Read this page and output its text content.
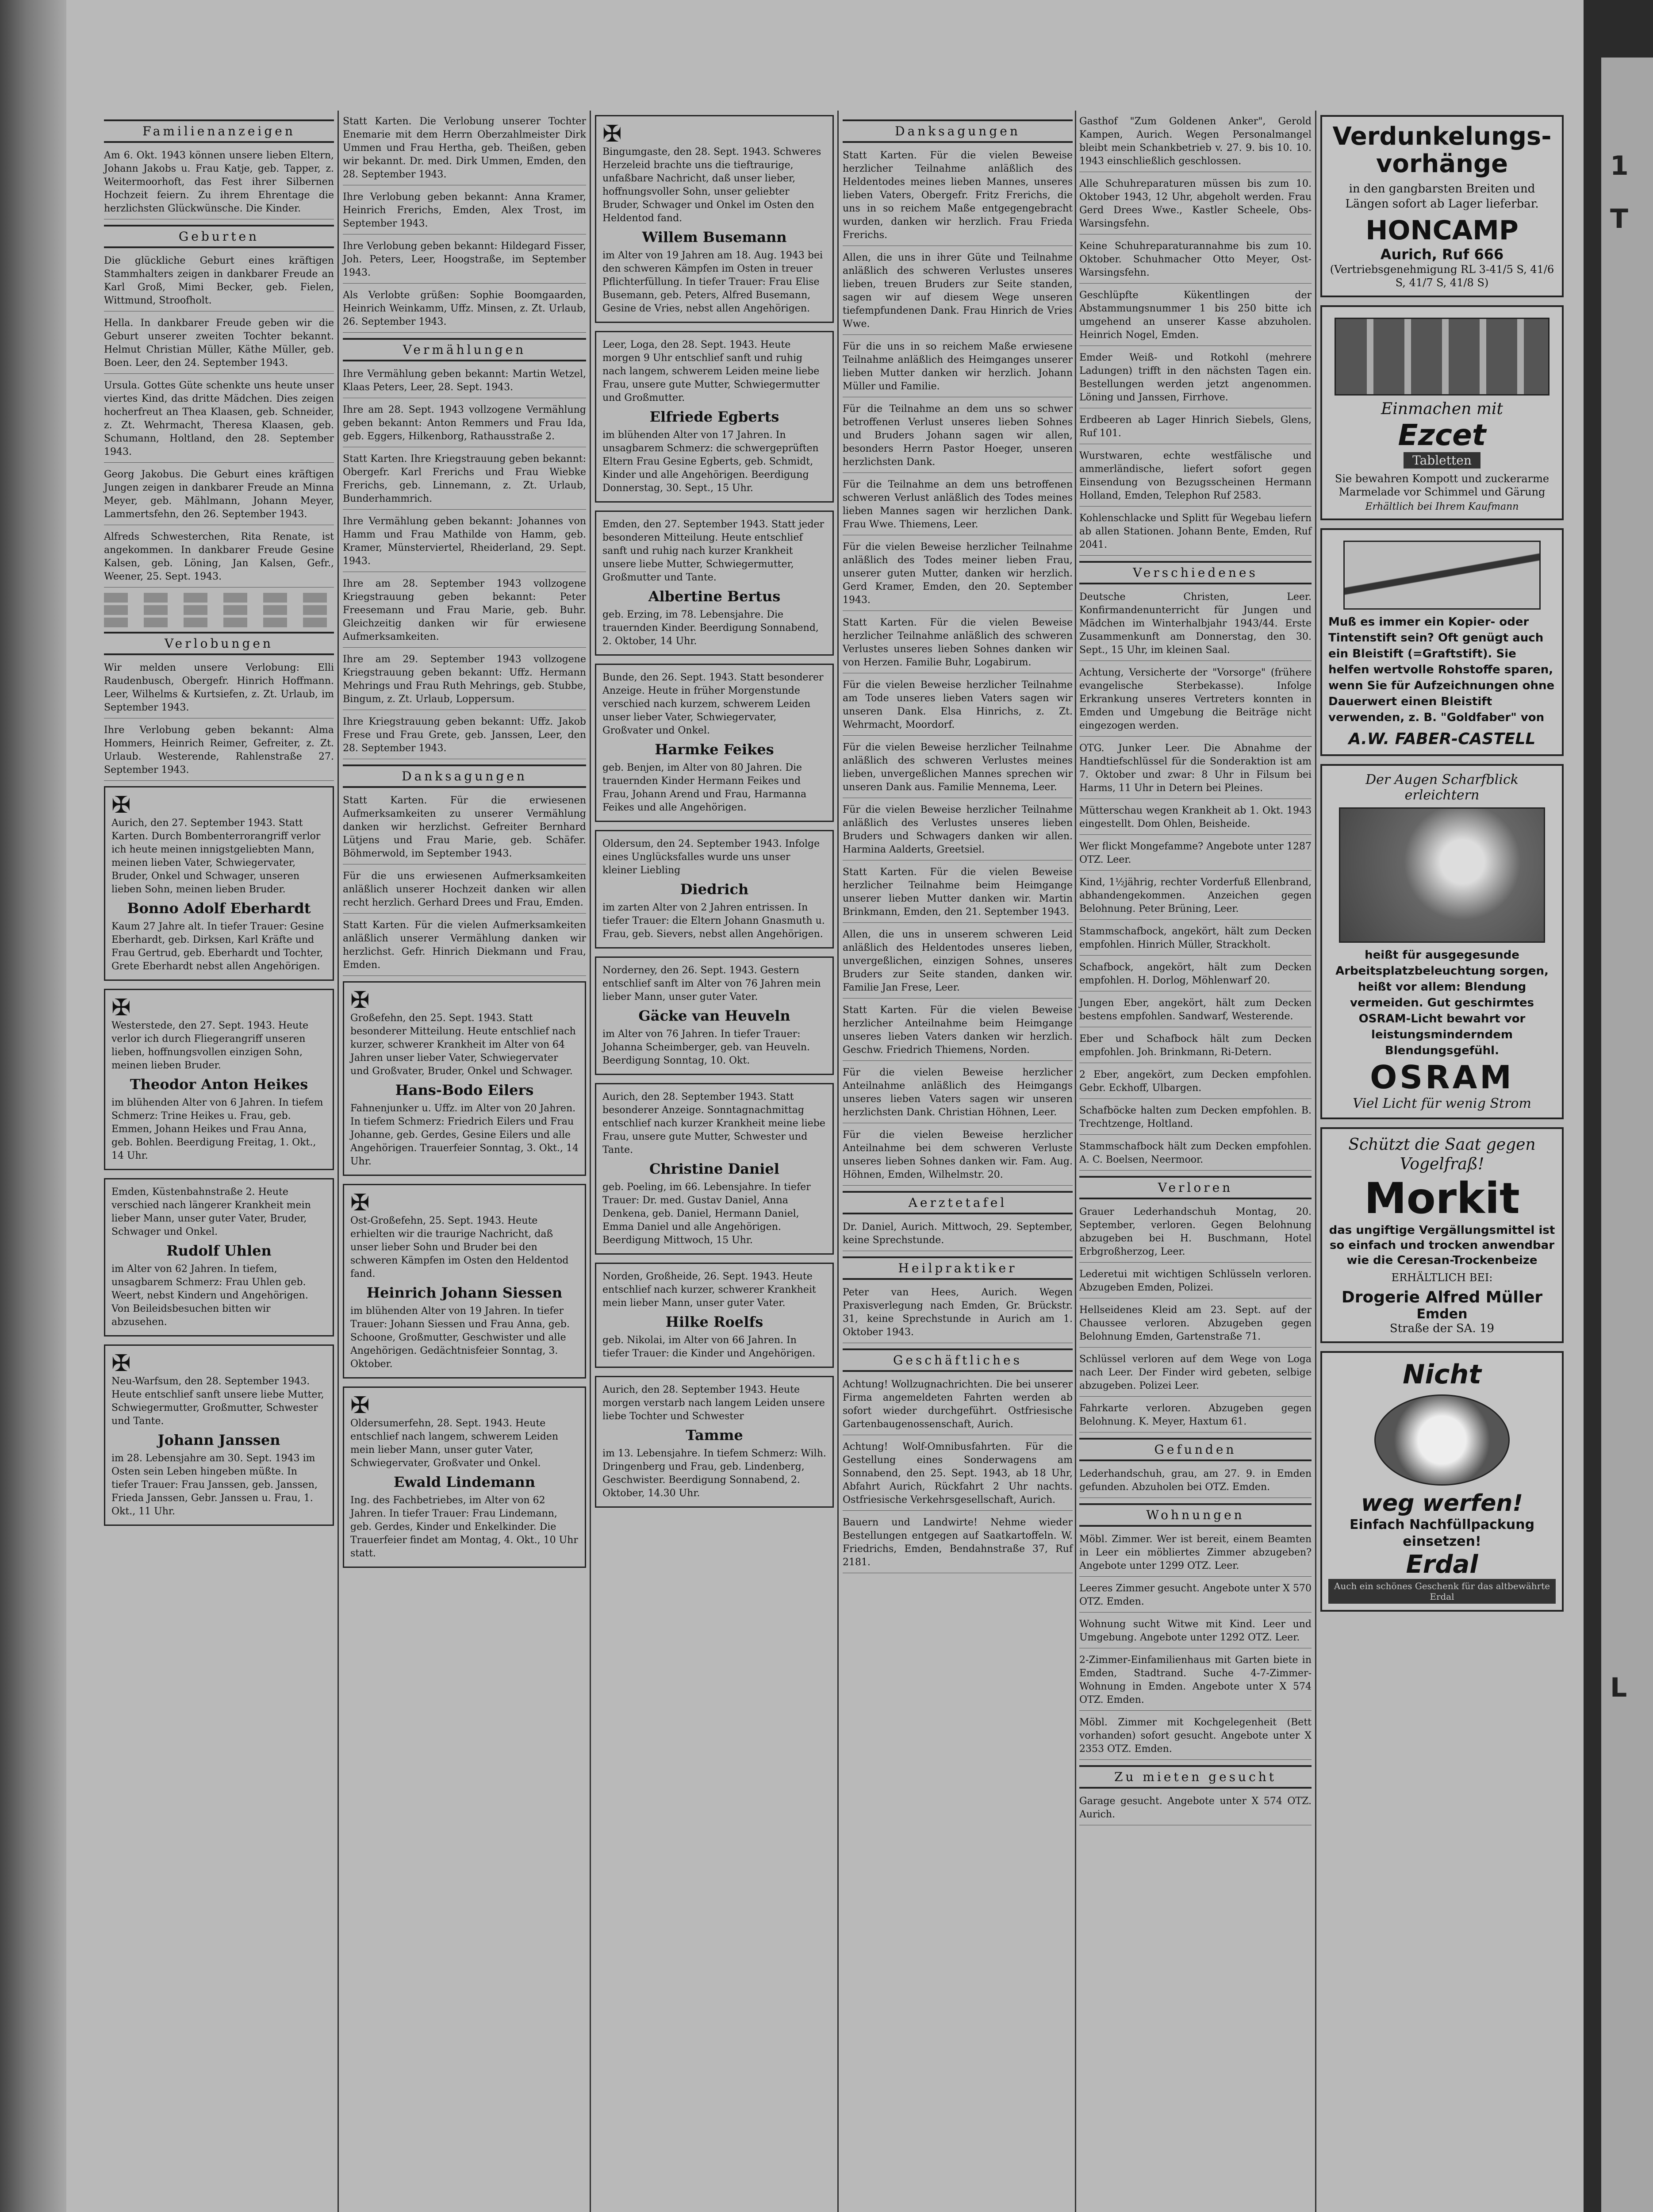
Familienanzeigen
Am 6. Okt. 1943 können unsere lieben Eltern, Johann Jakobs u. Frau Katje, geb. Tapper, z. Weitermoorhoft, das Fest ihrer Silbernen Hochzeit feiern. Zu ihrem Ehrentage die herzlichsten Glückwünsche. Die Kinder.
Geburten
Die glückliche Geburt eines kräftigen Stammhalters zeigen in dankbarer Freude an Karl Groß, Mimi Becker, geb. Fielen, Wittmund, Stroofholt.
Hella. In dankbarer Freude geben wir die Geburt unserer zweiten Tochter bekannt. Helmut Christian Müller, Käthe Müller, geb. Boen. Leer, den 24. September 1943.
Ursula. Gottes Güte schenkte uns heute unser viertes Kind, das dritte Mädchen. Dies zeigen hocherfreut an Thea Klaasen, geb. Schneider, z. Zt. Wehrmacht, Theresa Klaasen, geb. Schumann, Holtland, den 28. September 1943.
Georg Jakobus. Die Geburt eines kräftigen Jungen zeigen in dankbarer Freude an Minna Meyer, geb. Mählmann, Johann Meyer, Lammertsfehn, den 26. September 1943.
Alfreds Schwesterchen, Rita Renate, ist angekommen. In dankbarer Freude Gesine Kalsen, geb. Löning, Jan Kalsen, Gefr., Weener, 25. Sept. 1943.
Verlobungen
Wir melden unsere Verlobung: Elli Raudenbusch, Obergefr. Hinrich Hoffmann. Leer, Wilhelms & Kurtsiefen, z. Zt. Urlaub, im September 1943.
Ihre Verlobung geben bekannt: Alma Hommers, Heinrich Reimer, Gefreiter, z. Zt. Urlaub. Westerende, Rahlenstraße 27. September 1943.
✠
Aurich, den 27. September 1943. Statt Karten. Durch Bombenterrorangriff verlor ich heute meinen innigstgeliebten Mann, meinen lieben Vater, Schwiegervater, Bruder, Onkel und Schwager, unseren lieben Sohn, meinen lieben Bruder.
Bonno Adolf Eberhardt
Kaum 27 Jahre alt. In tiefer Trauer: Gesine Eberhardt, geb. Dirksen, Karl Kräfte und Frau Gertrud, geb. Eberhardt und Tochter, Grete Eberhardt nebst allen Angehörigen.
✠
Westerstede, den 27. Sept. 1943. Heute verlor ich durch Fliegerangriff unseren lieben, hoffnungsvollen einzigen Sohn, meinen lieben Bruder.
Theodor Anton Heikes
im blühenden Alter von 6 Jahren. In tiefem Schmerz: Trine Heikes u. Frau, geb. Emmen, Johann Heikes und Frau Anna, geb. Bohlen. Beerdigung Freitag, 1. Okt., 14 Uhr.
Emden, Küstenbahnstraße 2. Heute verschied nach längerer Krankheit mein lieber Mann, unser guter Vater, Bruder, Schwager und Onkel.
Rudolf Uhlen
im Alter von 62 Jahren. In tiefem, unsagbarem Schmerz: Frau Uhlen geb. Weert, nebst Kindern und Angehörigen. Von Beileidsbesuchen bitten wir abzusehen.
✠
Neu-Warfsum, den 28. September 1943. Heute entschlief sanft unsere liebe Mutter, Schwiegermutter, Großmutter, Schwester und Tante.
Johann Janssen
im 28. Lebensjahre am 30. Sept. 1943 im Osten sein Leben hingeben müßte. In tiefer Trauer: Frau Janssen, geb. Janssen, Frieda Janssen, Gebr. Janssen u. Frau, 1. Okt., 11 Uhr.
Statt Karten. Die Verlobung unserer Tochter Enemarie mit dem Herrn Oberzahlmeister Dirk Ummen und Frau Hertha, geb. Theißen, geben wir bekannt. Dr. med. Dirk Ummen, Emden, den 28. September 1943.
Ihre Verlobung geben bekannt: Anna Kramer, Heinrich Frerichs, Emden, Alex Trost, im September 1943.
Ihre Verlobung geben bekannt: Hildegard Fisser, Joh. Peters, Leer, Hoogstraße, im September 1943.
Als Verlobte grüßen: Sophie Boomgaarden, Heinrich Weinkamm, Uffz. Minsen, z. Zt. Urlaub, 26. September 1943.
Vermählungen
Ihre Vermählung geben bekannt: Martin Wetzel, Klaas Peters, Leer, 28. Sept. 1943.
Ihre am 28. Sept. 1943 vollzogene Vermählung geben bekannt: Anton Remmers und Frau Ida, geb. Eggers, Hilkenborg, Rathausstraße 2.
Statt Karten. Ihre Kriegstrauung geben bekannt: Obergefr. Karl Frerichs und Frau Wiebke Frerichs, geb. Linnemann, z. Zt. Urlaub, Bunderhammrich.
Ihre Vermählung geben bekannt: Johannes von Hamm und Frau Mathilde von Hamm, geb. Kramer, Münsterviertel, Rheiderland, 29. Sept. 1943.
Ihre am 28. September 1943 vollzogene Kriegstrauung geben bekannt: Peter Freesemann und Frau Marie, geb. Buhr. Gleichzeitig danken wir für erwiesene Aufmerksamkeiten.
Ihre am 29. September 1943 vollzogene Kriegstrauung geben bekannt: Uffz. Hermann Mehrings und Frau Ruth Mehrings, geb. Stubbe, Bingum, z. Zt. Urlaub, Loppersum.
Ihre Kriegstrauung geben bekannt: Uffz. Jakob Frese und Frau Grete, geb. Janssen, Leer, den 28. September 1943.
Danksagungen
Statt Karten. Für die erwiesenen Aufmerksamkeiten zu unserer Vermählung danken wir herzlichst. Gefreiter Bernhard Lütjens und Frau Marie, geb. Schäfer. Böhmerwold, im September 1943.
Für die uns erwiesenen Aufmerksamkeiten anläßlich unserer Hochzeit danken wir allen recht herzlich. Gerhard Drees und Frau, Emden.
Statt Karten. Für die vielen Aufmerksamkeiten anläßlich unserer Vermählung danken wir herzlichst. Gefr. Hinrich Diekmann und Frau, Emden.
✠
Großefehn, den 25. Sept. 1943. Statt besonderer Mitteilung. Heute entschlief nach kurzer, schwerer Krankheit im Alter von 64 Jahren unser lieber Vater, Schwiegervater und Großvater, Bruder, Onkel und Schwager.
Hans-Bodo Eilers
Fahnenjunker u. Uffz. im Alter von 20 Jahren. In tiefem Schmerz: Friedrich Eilers und Frau Johanne, geb. Gerdes, Gesine Eilers und alle Angehörigen. Trauerfeier Sonntag, 3. Okt., 14 Uhr.
✠
Ost-Großefehn, 25. Sept. 1943. Heute erhielten wir die traurige Nachricht, daß unser lieber Sohn und Bruder bei den schweren Kämpfen im Osten den Heldentod fand.
Heinrich Johann Siessen
im blühenden Alter von 19 Jahren. In tiefer Trauer: Johann Siessen und Frau Anna, geb. Schoone, Großmutter, Geschwister und alle Angehörigen. Gedächtnisfeier Sonntag, 3. Oktober.
✠
Oldersumerfehn, 28. Sept. 1943. Heute entschlief nach langem, schwerem Leiden mein lieber Mann, unser guter Vater, Schwiegervater, Großvater und Onkel.
Ewald Lindemann
Ing. des Fachbetriebes, im Alter von 62 Jahren. In tiefer Trauer: Frau Lindemann, geb. Gerdes, Kinder und Enkelkinder. Die Trauerfeier findet am Montag, 4. Okt., 10 Uhr statt.
✠
Bingumgaste, den 28. Sept. 1943. Schweres Herzeleid brachte uns die tieftraurige, unfaßbare Nachricht, daß unser lieber, hoffnungsvoller Sohn, unser geliebter Bruder, Schwager und Onkel im Osten den Heldentod fand.
Willem Busemann
im Alter von 19 Jahren am 18. Aug. 1943 bei den schweren Kämpfen im Osten in treuer Pflichterfüllung. In tiefer Trauer: Frau Elise Busemann, geb. Peters, Alfred Busemann, Gesine de Vries, nebst allen Angehörigen.
Leer, Loga, den 28. Sept. 1943. Heute morgen 9 Uhr entschlief sanft und ruhig nach langem, schwerem Leiden meine liebe Frau, unsere gute Mutter, Schwiegermutter und Großmutter.
Elfriede Egberts
im blühenden Alter von 17 Jahren. In unsagbarem Schmerz: die schwergeprüften Eltern Frau Gesine Egberts, geb. Schmidt, Kinder und alle Angehörigen. Beerdigung Donnerstag, 30. Sept., 15 Uhr.
Emden, den 27. September 1943. Statt jeder besonderen Mitteilung. Heute entschlief sanft und ruhig nach kurzer Krankheit unsere liebe Mutter, Schwiegermutter, Großmutter und Tante.
Albertine Bertus
geb. Erzing, im 78. Lebensjahre. Die trauernden Kinder. Beerdigung Sonnabend, 2. Oktober, 14 Uhr.
Bunde, den 26. Sept. 1943. Statt besonderer Anzeige. Heute in früher Morgenstunde verschied nach kurzem, schwerem Leiden unser lieber Vater, Schwiegervater, Großvater und Onkel.
Harmke Feikes
geb. Benjen, im Alter von 80 Jahren. Die trauernden Kinder Hermann Feikes und Frau, Johann Arend und Frau, Harmanna Feikes und alle Angehörigen.
Oldersum, den 24. September 1943. Infolge eines Unglücksfalles wurde uns unser kleiner Liebling
Diedrich
im zarten Alter von 2 Jahren entrissen. In tiefer Trauer: die Eltern Johann Gnasmuth u. Frau, geb. Sievers, nebst allen Angehörigen.
Norderney, den 26. Sept. 1943. Gestern entschlief sanft im Alter von 76 Jahren mein lieber Mann, unser guter Vater.
Gäcke van Heuveln
im Alter von 76 Jahren. In tiefer Trauer: Johanna Scheimberger, geb. van Heuveln. Beerdigung Sonntag, 10. Okt.
Aurich, den 28. September 1943. Statt besonderer Anzeige. Sonntagnachmittag entschlief nach kurzer Krankheit meine liebe Frau, unsere gute Mutter, Schwester und Tante.
Christine Daniel
geb. Poeling, im 66. Lebensjahre. In tiefer Trauer: Dr. med. Gustav Daniel, Anna Denkena, geb. Daniel, Hermann Daniel, Emma Daniel und alle Angehörigen. Beerdigung Mittwoch, 15 Uhr.
Norden, Großheide, 26. Sept. 1943. Heute entschlief nach kurzer, schwerer Krankheit mein lieber Mann, unser guter Vater.
Hilke Roelfs
geb. Nikolai, im Alter von 66 Jahren. In tiefer Trauer: die Kinder und Angehörigen.
Aurich, den 28. September 1943. Heute morgen verstarb nach langem Leiden unsere liebe Tochter und Schwester
Tamme
im 13. Lebensjahre. In tiefem Schmerz: Wilh. Dringenberg und Frau, geb. Lindenberg, Geschwister. Beerdigung Sonnabend, 2. Oktober, 14.30 Uhr.
Danksagungen
Statt Karten. Für die vielen Beweise herzlicher Teilnahme anläßlich des Heldentodes meines lieben Mannes, unseres lieben Vaters, Obergefr. Fritz Frerichs, die uns in so reichem Maße entgegengebracht wurden, danken wir herzlich. Frau Frieda Frerichs.
Allen, die uns in ihrer Güte und Teilnahme anläßlich des schweren Verlustes unseres lieben, treuen Bruders zur Seite standen, sagen wir auf diesem Wege unseren tiefempfundenen Dank. Frau Hinrich de Vries Wwe.
Für die uns in so reichem Maße erwiesene Teilnahme anläßlich des Heimganges unserer lieben Mutter danken wir herzlich. Johann Müller und Familie.
Für die Teilnahme an dem uns so schwer betroffenen Verlust unseres lieben Sohnes und Bruders Johann sagen wir allen, besonders Herrn Pastor Hoeger, unseren herzlichsten Dank.
Für die Teilnahme an dem uns betroffenen schweren Verlust anläßlich des Todes meines lieben Mannes sagen wir herzlichen Dank. Frau Wwe. Thiemens, Leer.
Für die vielen Beweise herzlicher Teilnahme anläßlich des Todes meiner lieben Frau, unserer guten Mutter, danken wir herzlich. Gerd Kramer, Emden, den 20. September 1943.
Statt Karten. Für die vielen Beweise herzlicher Teilnahme anläßlich des schweren Verlustes unseres lieben Sohnes danken wir von Herzen. Familie Buhr, Logabirum.
Für die vielen Beweise herzlicher Teilnahme am Tode unseres lieben Vaters sagen wir unseren Dank. Elsa Hinrichs, z. Zt. Wehrmacht, Moordorf.
Für die vielen Beweise herzlicher Teilnahme anläßlich des schweren Verlustes meines lieben, unvergeßlichen Mannes sprechen wir unseren Dank aus. Familie Mennema, Leer.
Für die vielen Beweise herzlicher Teilnahme anläßlich des Verlustes unseres lieben Bruders und Schwagers danken wir allen. Harmina Aalderts, Greetsiel.
Statt Karten. Für die vielen Beweise herzlicher Teilnahme beim Heimgange unserer lieben Mutter danken wir. Martin Brinkmann, Emden, den 21. September 1943.
Allen, die uns in unserem schweren Leid anläßlich des Heldentodes unseres lieben, unvergeßlichen, einzigen Sohnes, unseres Bruders zur Seite standen, danken wir. Familie Jan Frese, Leer.
Statt Karten. Für die vielen Beweise herzlicher Anteilnahme beim Heimgange unseres lieben Vaters danken wir herzlich. Geschw. Friedrich Thiemens, Norden.
Für die vielen Beweise herzlicher Anteilnahme anläßlich des Heimgangs unseres lieben Vaters sagen wir unseren herzlichsten Dank. Christian Höhnen, Leer.
Für die vielen Beweise herzlicher Anteilnahme bei dem schweren Verluste unseres lieben Sohnes danken wir. Fam. Aug. Höhnen, Emden, Wilhelmstr. 20.
Aerztetafel
Dr. Daniel, Aurich. Mittwoch, 29. September, keine Sprechstunde.
Heilpraktiker
Peter van Hees, Aurich. Wegen Praxisverlegung nach Emden, Gr. Brückstr. 31, keine Sprechstunde in Aurich am 1. Oktober 1943.
Geschäftliches
Achtung! Wollzugnachrichten. Die bei unserer Firma angemeldeten Fahrten werden ab sofort wieder durchgeführt. Ostfriesische Gartenbaugenossenschaft, Aurich.
Achtung! Wolf-Omnibusfahrten. Für die Gestellung eines Sonderwagens am Sonnabend, den 25. Sept. 1943, ab 18 Uhr, Abfahrt Aurich, Rückfahrt 2 Uhr nachts. Ostfriesische Verkehrsgesellschaft, Aurich.
Bauern und Landwirte! Nehme wieder Bestellungen entgegen auf Saatkartoffeln. W. Friedrichs, Emden, Bendahnstraße 37, Ruf 2181.
Gasthof "Zum Goldenen Anker", Gerold Kampen, Aurich. Wegen Personalmangel bleibt mein Schankbetrieb v. 27. 9. bis 10. 10. 1943 einschließlich geschlossen.
Alle Schuhreparaturen müssen bis zum 10. Oktober 1943, 12 Uhr, abgeholt werden. Frau Gerd Drees Wwe., Kastler Scheele, Obs-Warsingsfehn.
Keine Schuhreparaturannahme bis zum 10. Oktober. Schuhmacher Otto Meyer, Ost-Warsingsfehn.
Geschlüpfte Kükentlingen der Abstammungsnummer 1 bis 250 bitte ich umgehend an unserer Kasse abzuholen. Heinrich Nogel, Emden.
Emder Weiß- und Rotkohl (mehrere Ladungen) trifft in den nächsten Tagen ein. Bestellungen werden jetzt angenommen. Löning und Janssen, Firrhove.
Erdbeeren ab Lager Hinrich Siebels, Glens, Ruf 101.
Wurstwaren, echte westfälische und ammerländische, liefert sofort gegen Einsendung von Bezugsscheinen Hermann Holland, Emden, Telephon Ruf 2583.
Kohlenschlacke und Splitt für Wegebau liefern ab allen Stationen. Johann Bente, Emden, Ruf 2041.
Verschiedenes
Deutsche Christen, Leer. Konfirmandenunterricht für Jungen und Mädchen im Winterhalbjahr 1943/44. Erste Zusammenkunft am Donnerstag, den 30. Sept., 15 Uhr, im kleinen Saal.
Achtung, Versicherte der "Vorsorge" (frühere evangelische Sterbekasse). Infolge Erkrankung unseres Vertreters konnten in Emden und Umgebung die Beiträge nicht eingezogen werden.
OTG. Junker Leer. Die Abnahme der Handtiefschlüssel für die Sonderaktion ist am 7. Oktober und zwar: 8 Uhr in Filsum bei Harms, 11 Uhr in Detern bei Pleines.
Mütterschau wegen Krankheit ab 1. Okt. 1943 eingestellt. Dom Ohlen, Beisheide.
Wer flickt Mongefamme? Angebote unter 1287 OTZ. Leer.
Kind, 1½jährig, rechter Vorderfuß Ellenbrand, abhandengekommen. Anzeichen gegen Belohnung. Peter Brüning, Leer.
Stammschafbock, angekört, hält zum Decken empfohlen. Hinrich Müller, Strackholt.
Schafbock, angekört, hält zum Decken empfohlen. H. Dorlog, Möhlenwarf 20.
Jungen Eber, angekört, hält zum Decken bestens empfohlen. Sandwarf, Westerende.
Eber und Schafbock hält zum Decken empfohlen. Joh. Brinkmann, Ri-Detern.
2 Eber, angekört, zum Decken empfohlen. Gebr. Eckhoff, Ulbargen.
Schafböcke halten zum Decken empfohlen. B. Trechtzenge, Holtland.
Stammschafbock hält zum Decken empfohlen. A. C. Boelsen, Neermoor.
Verloren
Grauer Lederhandschuh Montag, 20. September, verloren. Gegen Belohnung abzugeben bei H. Buschmann, Hotel Erbgroßherzog, Leer.
Lederetui mit wichtigen Schlüsseln verloren. Abzugeben Emden, Polizei.
Hellseidenes Kleid am 23. Sept. auf der Chaussee verloren. Abzugeben gegen Belohnung Emden, Gartenstraße 71.
Schlüssel verloren auf dem Wege von Loga nach Leer. Der Finder wird gebeten, selbige abzugeben. Polizei Leer.
Fahrkarte verloren. Abzugeben gegen Belohnung. K. Meyer, Haxtum 61.
Gefunden
Lederhandschuh, grau, am 27. 9. in Emden gefunden. Abzuholen bei OTZ. Emden.
Wohnungen
Möbl. Zimmer. Wer ist bereit, einem Beamten in Leer ein möbliertes Zimmer abzugeben? Angebote unter 1299 OTZ. Leer.
Leeres Zimmer gesucht. Angebote unter X 570 OTZ. Emden.
Wohnung sucht Witwe mit Kind. Leer und Umgebung. Angebote unter 1292 OTZ. Leer.
2-Zimmer-Einfamilienhaus mit Garten biete in Emden, Stadtrand. Suche 4-7-Zimmer-Wohnung in Emden. Angebote unter X 574 OTZ. Emden.
Möbl. Zimmer mit Kochgelegenheit (Bett vorhanden) sofort gesucht. Angebote unter X 2353 OTZ. Emden.
Zu mieten gesucht
Garage gesucht. Angebote unter X 574 OTZ. Aurich.
Verdunkelungs-
vorhänge
in den gangbarsten Breiten und Längen sofort ab Lager lieferbar.
HONCAMP
Aurich, Ruf 666
(Vertriebsgenehmigung RL 3-41/5 S, 41/6 S, 41/7 S, 41/8 S)
Einmachen mit
Ezcet
Tabletten
Sie bewahren Kompott und zuckerarme Marmelade vor Schimmel und Gärung
Erhältlich bei Ihrem Kaufmann
Muß es immer ein Kopier- oder Tintenstift sein? Oft genügt auch ein Bleistift (=Graftstift). Sie helfen wertvolle Rohstoffe sparen, wenn Sie für Aufzeichnungen ohne Dauerwert einen Bleistift verwenden, z. B. "Goldfaber" von
A.W. FABER-CASTELL
Der Augen Scharfblick erleichtern
heißt für ausgegesunde Arbeitsplatzbeleuchtung sorgen, heißt vor allem: Blendung vermeiden. Gut geschirmtes OSRAM-Licht bewahrt vor leistungsminderndem Blendungsgefühl.
OSRAM
Viel Licht für wenig Strom
Schützt die Saat gegen Vogelfraß!
Morkit
das ungiftige Vergällungsmittel ist so einfach und trocken anwendbar wie die Ceresan-Trockenbeize
ERHÄLTLICH BEI:
Drogerie Alfred Müller
Emden
Straße der SA. 19
Nicht
weg werfen!
Einfach Nachfüllpackung einsetzen!
Erdal
Auch ein schönes Geschenk für das altbewährte Erdal
1
T
L
